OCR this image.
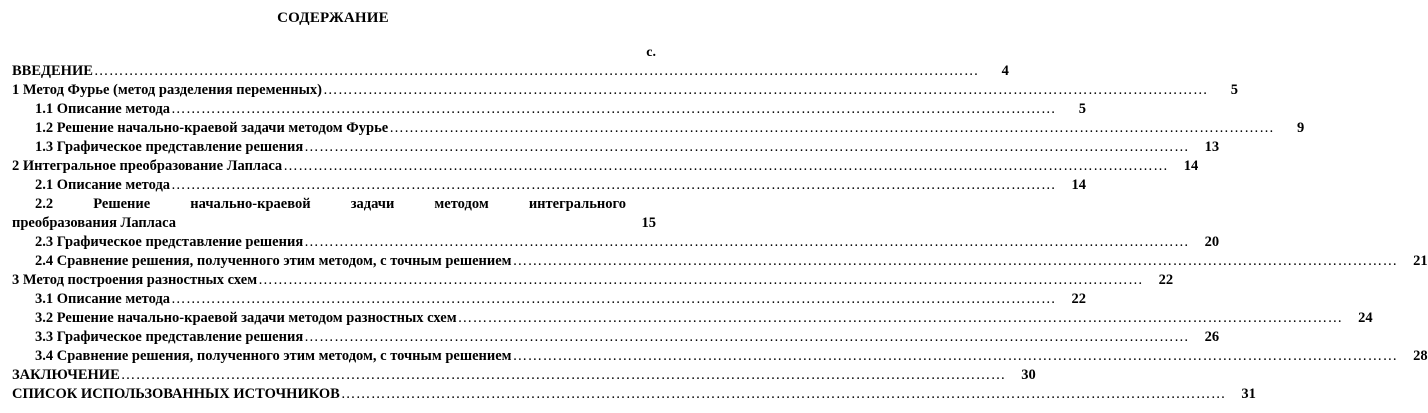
СОДЕРЖАНИЕ
с.
ВВЕДЕНИЕ ……………………………………………………………………………………………………………………………………………………………	4
1 Метод Фурье (метод разделения переменных) ……………………………………………………………………………………………………………………………………………………………	5
1.1 Описание метода ……………………………………………………………………………………………………………………………………………………………	5
1.2 Решение начально-краевой задачи методом Фурье ……………………………………………………………………………………………………………………………………………………………	9
1.3 Графическое представление решения ……………………………………………………………………………………………………………………………………………………………	13
2 Интегральное преобразование Лапласа ……………………………………………………………………………………………………………………………………………………………	14
2.1 Описание метода ……………………………………………………………………………………………………………………………………………………………	14
2.2 Решение начально-краевой задачи методом интегрального
преобразования Лапласа	15
2.3 Графическое представление решения ……………………………………………………………………………………………………………………………………………………………	20
2.4 Сравнение решения, полученного этим методом, с точным решением ……………………………………………………………………………………………………………………………………………………………	21
3 Метод построения разностных схем ……………………………………………………………………………………………………………………………………………………………	22
3.1 Описание метода ……………………………………………………………………………………………………………………………………………………………	22
3.2 Решение начально-краевой задачи методом разностных схем ……………………………………………………………………………………………………………………………………………………………	24
3.3 Графическое представление решения ……………………………………………………………………………………………………………………………………………………………	26
3.4 Сравнение решения, полученного этим методом, с точным решением ……………………………………………………………………………………………………………………………………………………………	28
ЗАКЛЮЧЕНИЕ ……………………………………………………………………………………………………………………………………………………………	30
СПИСОК ИСПОЛЬЗОВАННЫХ ИСТОЧНИКОВ ……………………………………………………………………………………………………………………………………………………………	31
